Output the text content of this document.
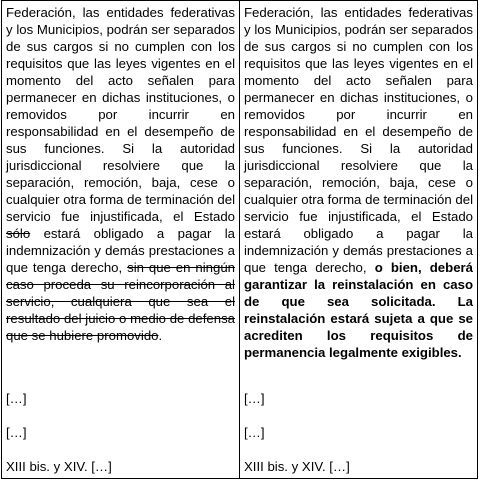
Federación, las entidades federativas y los Municipios, podrán ser separados de sus cargos si no cumplen con los requisitos que las leyes vigentes en el momento del acto señalen para permanecer en dichas instituciones, o removidos por incurrir en responsabilidad en el desempeño de sus funciones. Si la autoridad jurisdiccional resolviere que la separación, remoción, baja, cese o cualquier otra forma de terminación del servicio fue injustificada, el Estado sólo estará obligado a pagar la indemnización y demás prestaciones a que tenga derecho, sin que en ningún caso proceda su reincorporación al servicio, cualquiera que sea el resultado del juicio o medio de defensa que se hubiere promovido.

[…]

[…]

XIII bis. y XIV. […]

Federación, las entidades federativas y los Municipios, podrán ser separados de sus cargos si no cumplen con los requisitos que las leyes vigentes en el momento del acto señalen para permanecer en dichas instituciones, o removidos por incurrir en responsabilidad en el desempeño de sus funciones. Si la autoridad jurisdiccional resolviere que la separación, remoción, baja, cese o cualquier otra forma de terminación del servicio fue injustificada, el Estado estará obligado a pagar la indemnización y demás prestaciones a que tenga derecho, o bien, deberá garantizar la reinstalación en caso de que sea solicitada. La reinstalación estará sujeta a que se acrediten los requisitos de permanencia legalmente exigibles.

[…]

[…]

XIII bis. y XIV. […]
